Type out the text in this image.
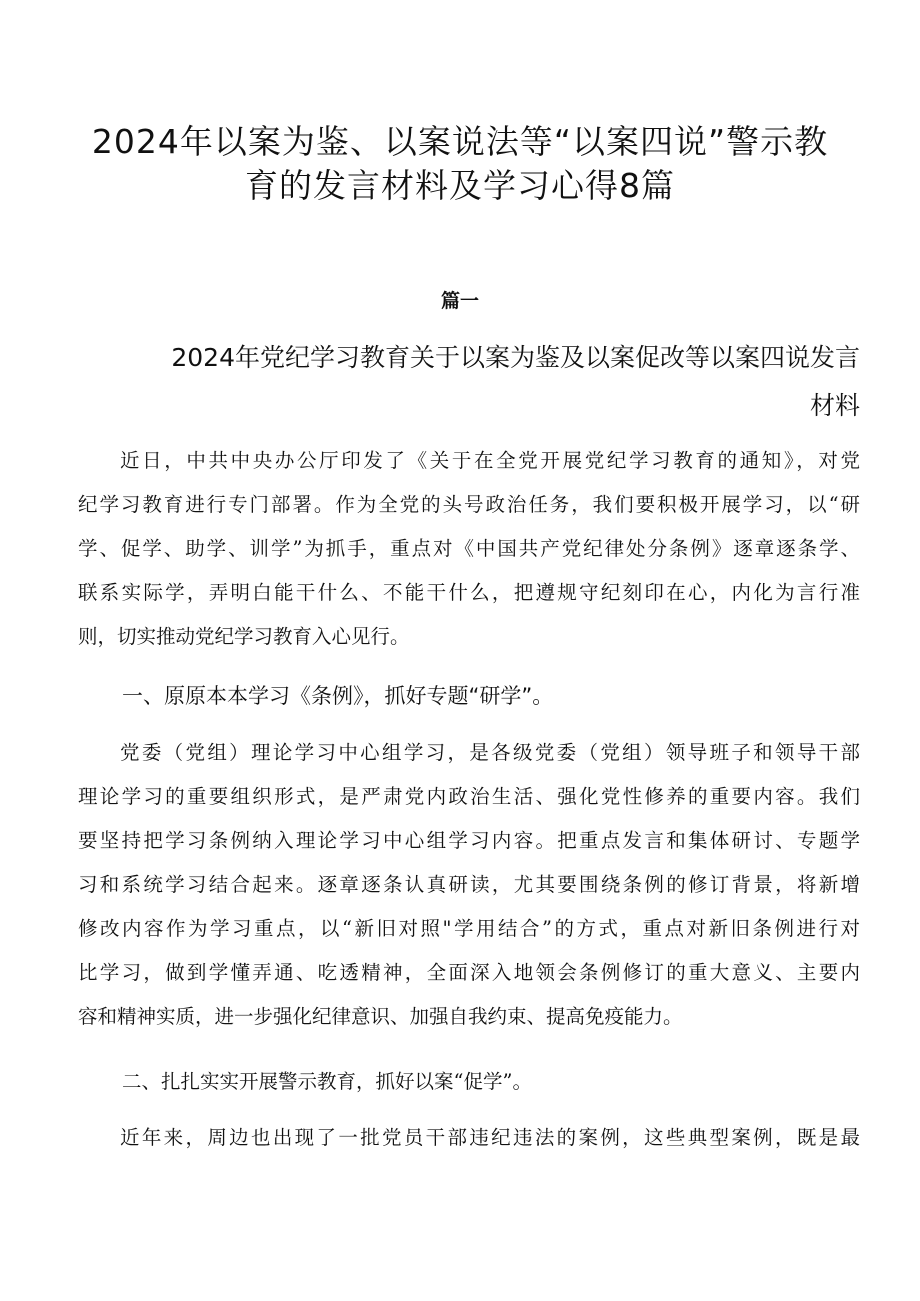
2024年以案为鉴、以案说法等“以案四说”警示教
育的发言材料及学习心得8篇
篇一
2024年党纪学习教育关于以案为鉴及以案促改等以案四说发言
材料
近日，中共中央办公厅印发了《关于在全党开展党纪学习教育的通知》，对党
纪学习教育进行专门部署。作为全党的头号政治任务，我们要积极开展学习，以“研
学、促学、助学、训学”为抓手，重点对《中国共产党纪律处分条例》逐章逐条学、
联系实际学，弄明白能干什么、不能干什么，把遵规守纪刻印在心，内化为言行准
则，切实推动党纪学习教育入心见行。
一、原原本本学习《条例》，抓好专题“研学”。
党委（党组）理论学习中心组学习，是各级党委（党组）领导班子和领导干部
理论学习的重要组织形式，是严肃党内政治生活、强化党性修养的重要内容。我们
要坚持把学习条例纳入理论学习中心组学习内容。把重点发言和集体研讨、专题学
习和系统学习结合起来。逐章逐条认真研读，尤其要围绕条例的修订背景，将新增
修改内容作为学习重点，以“新旧对照"学用结合”的方式，重点对新旧条例进行对
比学习，做到学懂弄通、吃透精神，全面深入地领会条例修订的重大意义、主要内
容和精神实质，进一步强化纪律意识、加强自我约束、提高免疫能力。
二、扎扎实实开展警示教育，抓好以案“促学”。
近年来，周边也出现了一批党员干部违纪违法的案例，这些典型案例，既是最
